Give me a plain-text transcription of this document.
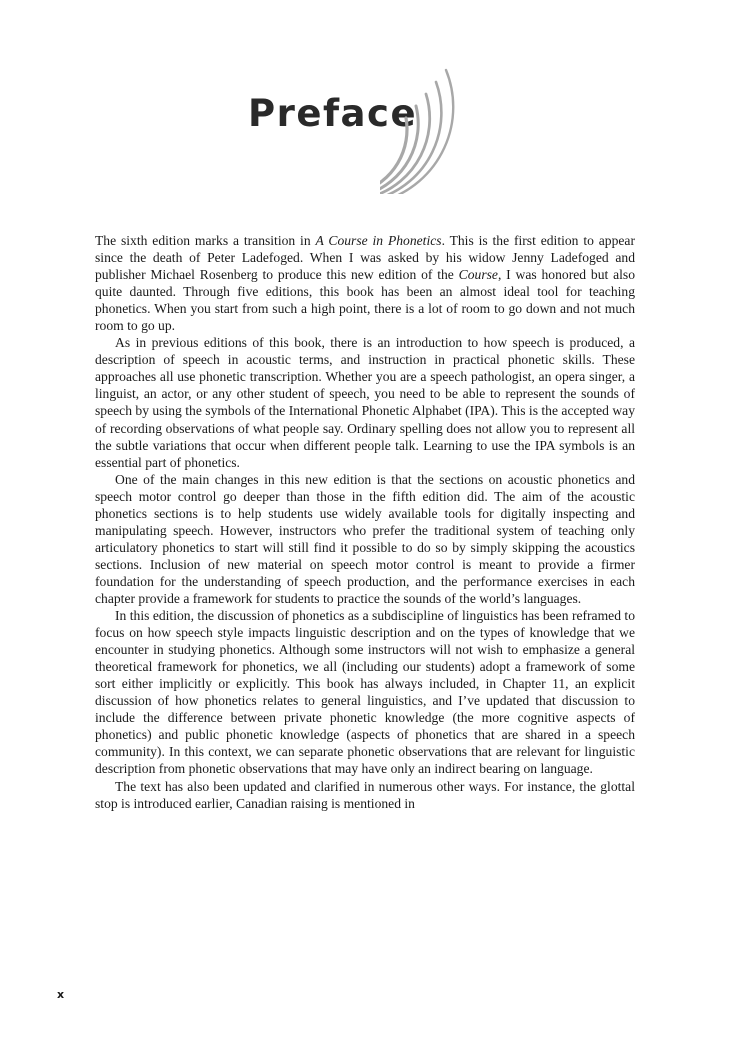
Preface

The sixth edition marks a transition in A Course in Phonetics. This is the first edition to appear since the death of Peter Ladefoged. When I was asked by his widow Jenny Ladefoged and publisher Michael Rosenberg to produce this new edition of the Course, I was honored but also quite daunted. Through five editions, this book has been an almost ideal tool for teaching phonetics. When you start from such a high point, there is a lot of room to go down and not much room to go up.

As in previous editions of this book, there is an introduction to how speech is produced, a description of speech in acoustic terms, and instruction in practical phonetic skills. These approaches all use phonetic transcription. Whether you are a speech pathologist, an opera singer, a linguist, an actor, or any other student of speech, you need to be able to represent the sounds of speech by using the symbols of the International Phonetic Alphabet (IPA). This is the accepted way of recording observations of what people say. Ordinary spelling does not allow you to represent all the subtle variations that occur when different people talk. Learning to use the IPA symbols is an essential part of phonetics.

One of the main changes in this new edition is that the sections on acoustic phonetics and speech motor control go deeper than those in the fifth edition did. The aim of the acoustic phonetics sections is to help students use widely available tools for digitally inspecting and manipulating speech. However, instructors who prefer the traditional system of teaching only articulatory phonetics to start will still find it possible to do so by simply skipping the acoustics sections. Inclusion of new material on speech motor control is meant to provide a firmer foundation for the understanding of speech production, and the performance exercises in each chapter provide a framework for students to practice the sounds of the world’s languages.

In this edition, the discussion of phonetics as a subdiscipline of linguistics has been reframed to focus on how speech style impacts linguistic description and on the types of knowledge that we encounter in studying phonetics. Although some instructors will not wish to emphasize a general theoretical framework for phonetics, we all (including our students) adopt a framework of some sort either implicitly or explicitly. This book has always included, in Chapter 11, an explicit discussion of how phonetics relates to general linguistics, and I’ve updated that discussion to include the difference between private phonetic knowledge (the more cognitive aspects of phonetics) and public phonetic knowledge (aspects of phonetics that are shared in a speech community). In this context, we can separate phonetic observations that are relevant for linguistic description from phonetic observations that may have only an indirect bearing on language.

The text has also been updated and clarified in numerous other ways. For instance, the glottal stop is introduced earlier, Canadian raising is mentioned in

x
